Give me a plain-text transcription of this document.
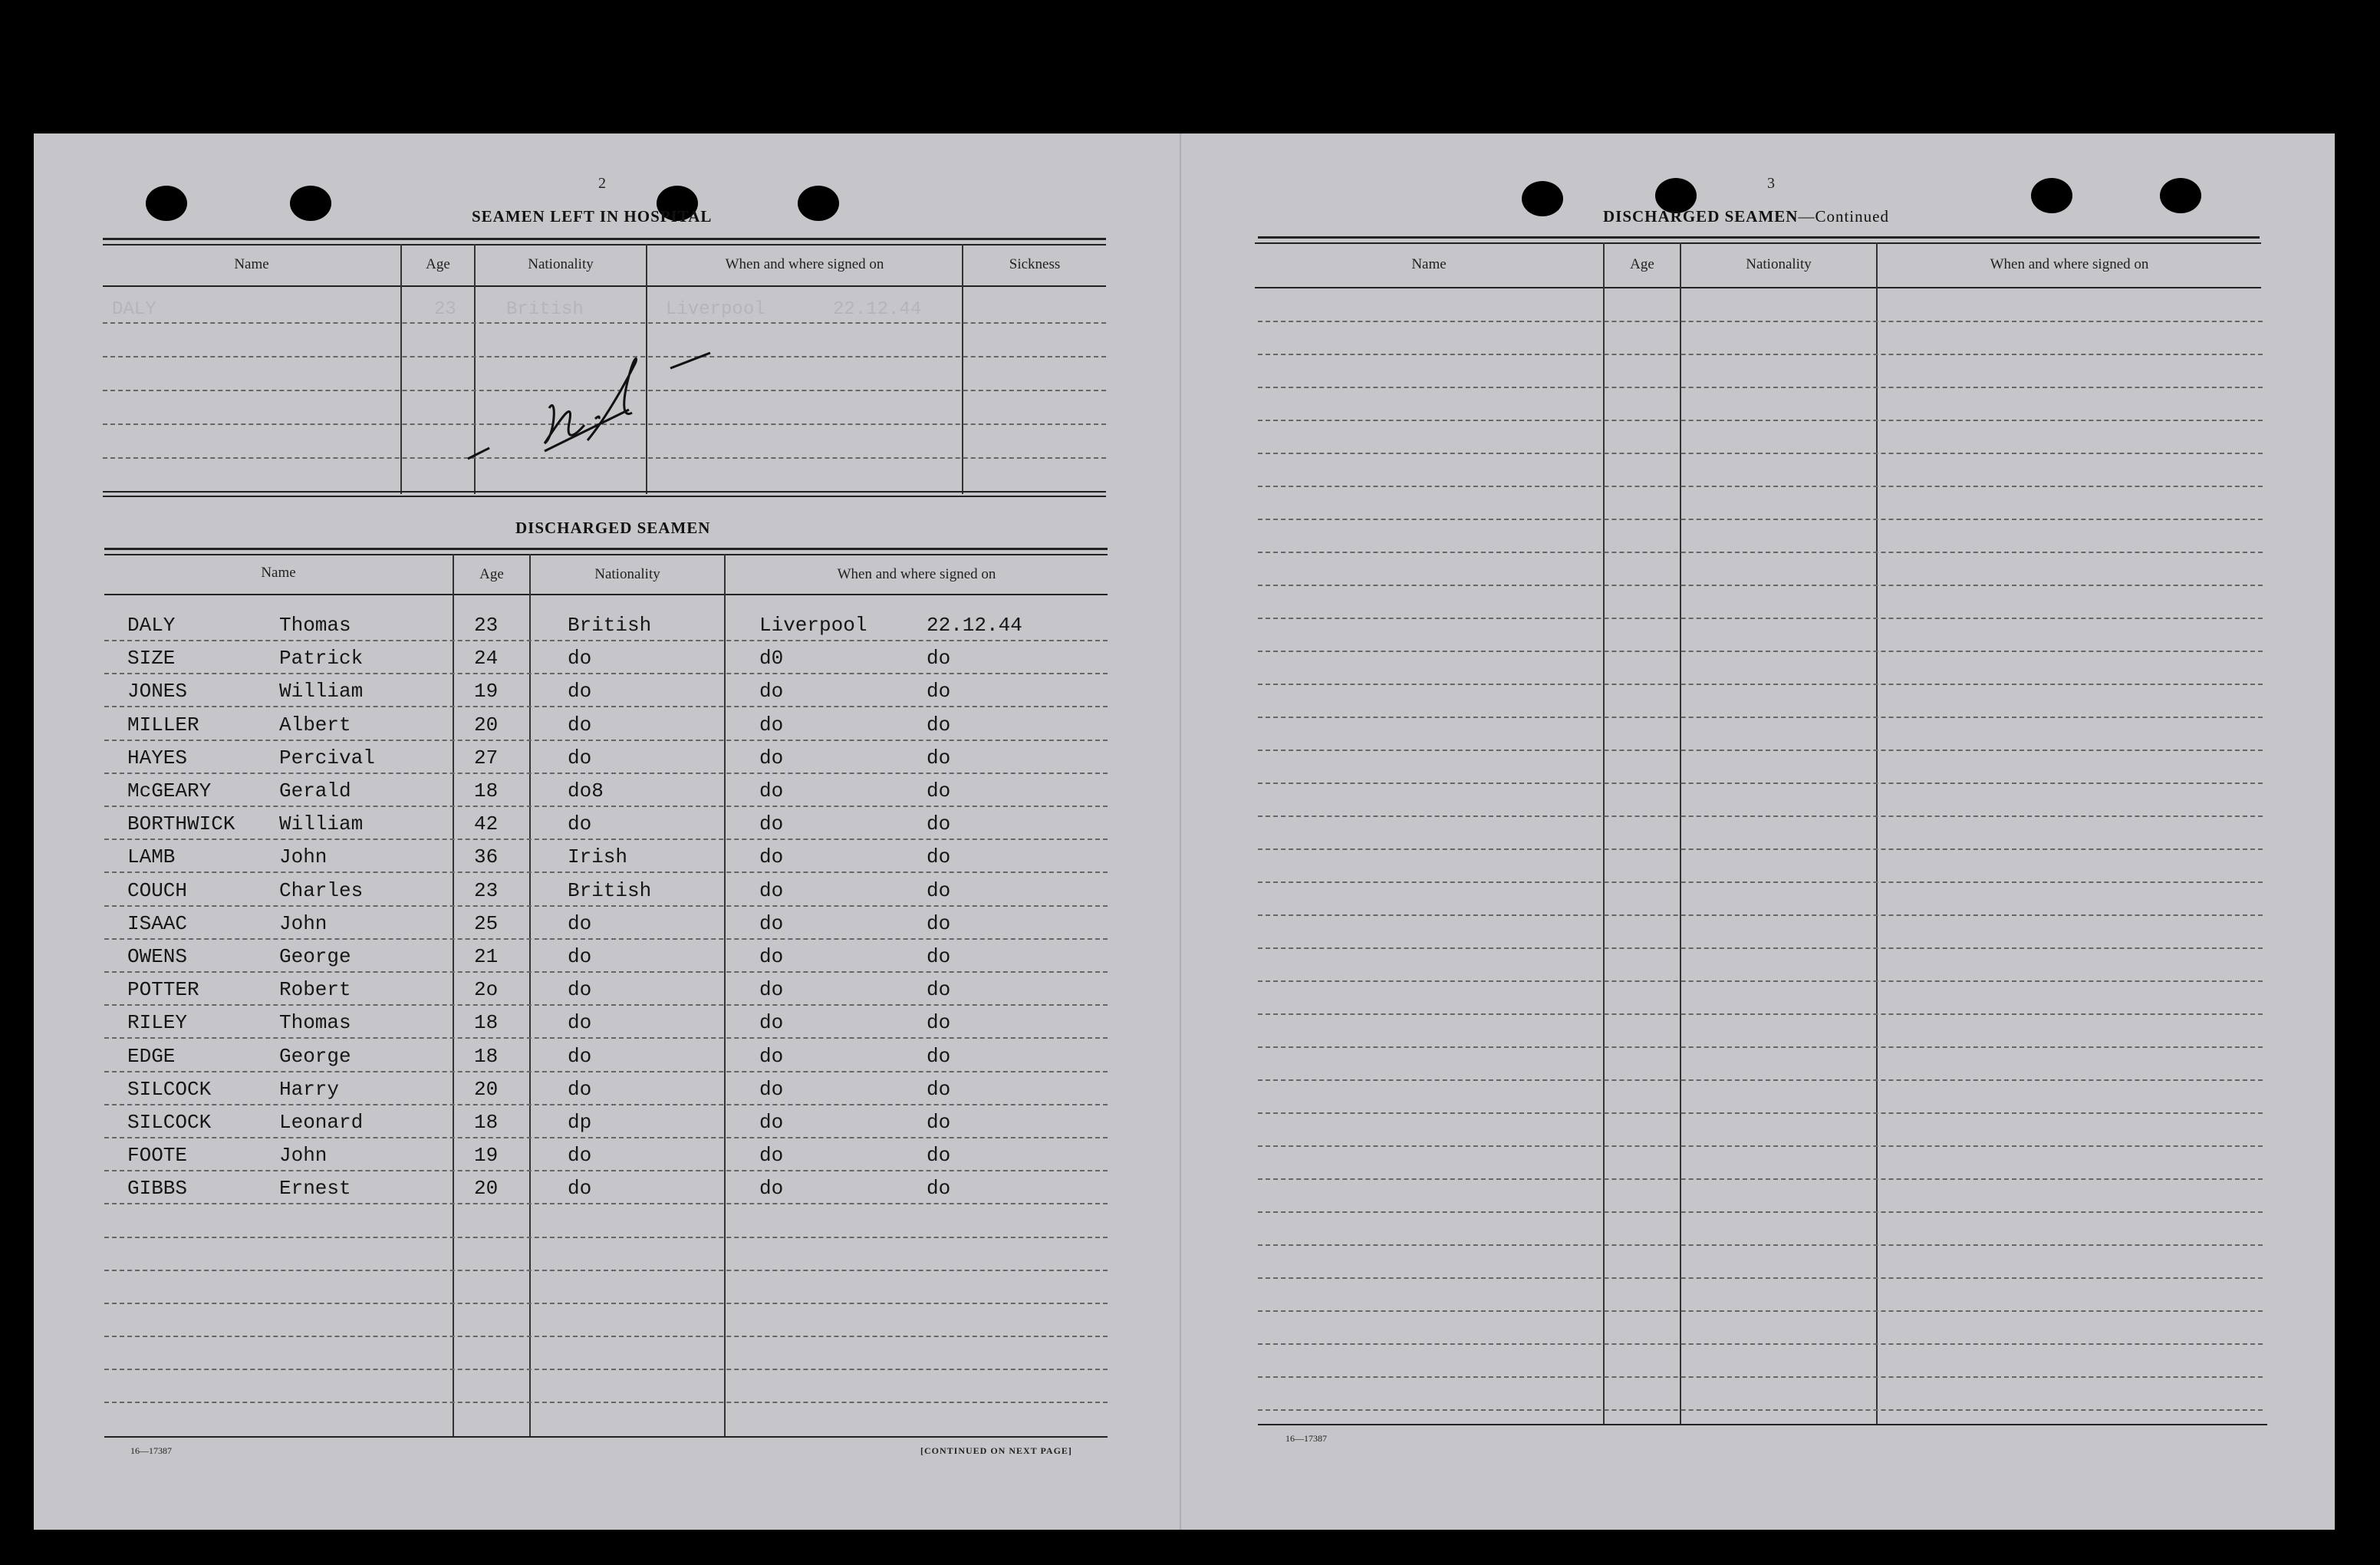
2
SEAMEN LEFT IN HOSPITAL
Name	Age	Nationality	When and where signed on	Sickness
DALY	23	British	Liverpool	22.12.44
DISCHARGED SEAMEN
Name	Age	Nationality	When and where signed on
DALY	Thomas	23	British	Liverpool	22.12.44
SIZE	Patrick	24	do	d0	do
JONES	William	19	do	do	do
MILLER	Albert	20	do	do	do
HAYES	Percival	27	do	do	do
McGEARY	Gerald	18	do8	do	do
BORTHWICK William	42	do	do	do
LAMB	John	36	Irish	do	do
COUCH	Charles	23	British	do	do
ISAAC	John	25	do	do	do
OWENS	George	21	do	do	do
POTTER	Robert	2o	do	do	do
RILEY	Thomas	18	do	do	do
EDGE	George	18	do	do	do
SILCOCK	Harry	20	do	do	do
SILCOCK	Leonard	18	dp	do	do
FOOTE	John	19	do	do	do
GIBBS	Ernest	20	do	do	do
16—17387	[CONTINUED ON NEXT PAGE]
3
DISCHARGED SEAMEN—Continued
Name	Age	Nationality	When and where signed on
16—17387
